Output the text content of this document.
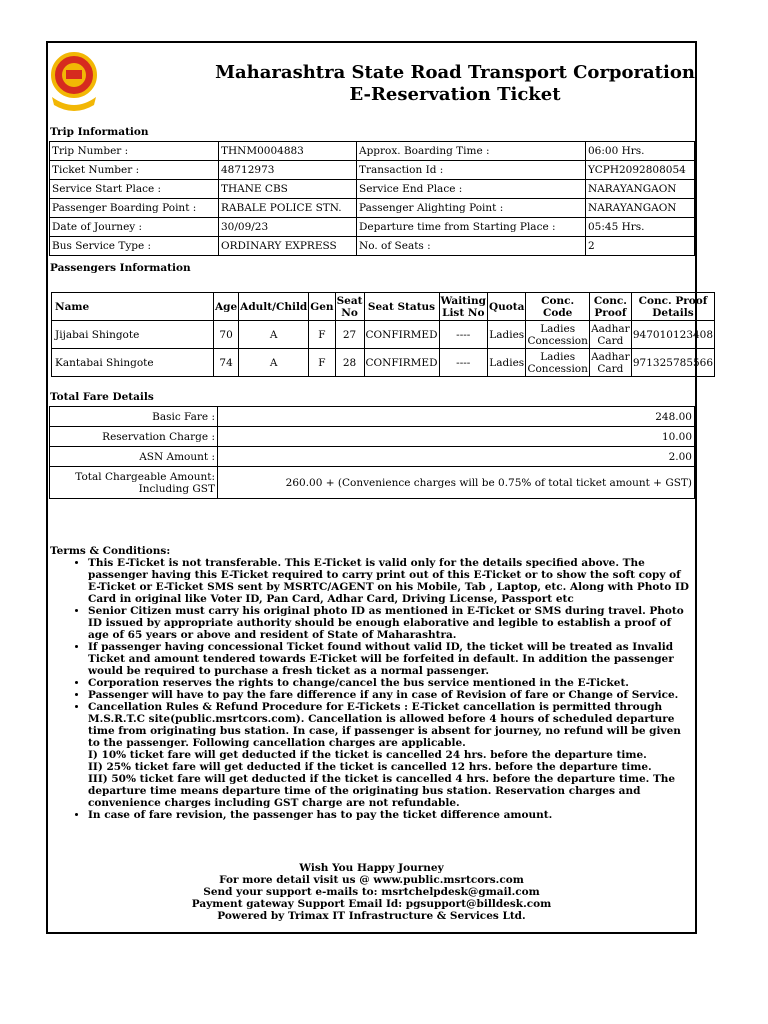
Maharashtra State Road Transport Corporation
E-Reservation Ticket
Trip Information
Trip Number :	THNM0004883	Approx. Boarding Time :	06:00 Hrs.
Ticket Number :	48712973	Transaction Id :	YCPH2092808054
Service Start Place :	THANE CBS	Service End Place :	NARAYANGAON
Passenger Boarding Point :	RABALE POLICE STN.	Passenger Alighting Point :	NARAYANGAON
Date of Journey :	30/09/23	Departure time from Starting Place :	05:45 Hrs.
Bus Service Type :	ORDINARY EXPRESS	No. of Seats :	2
Passengers Information
Name	Age	Adult/Child	Gen	Seat No	Seat Status	Waiting List No	Quota	Conc. Code	Conc. Proof	Conc. Proof Details
Jijabai Shingote	70	A	F	27	CONFIRMED	----	Ladies	Ladies Concession	Aadhar Card	947010123408
Kantabai Shingote	74	A	F	28	CONFIRMED	----	Ladies	Ladies Concession	Aadhar Card	971325785566
Total Fare Details
Basic Fare :	248.00
Reservation Charge :	10.00
ASN Amount :	2.00

Total Chargeable Amount:
Including GST	260.00 + (Convenience charges will be 0.75% of total ticket amount + GST)
Terms & Conditions:
• This E-Ticket is not transferable. This E-Ticket is valid only for the details specified above. The passenger having this E-Ticket required to carry print out of this E-Ticket or to show the soft copy of E-Ticket or E-Ticket SMS sent by MSRTC/AGENT on his Mobile, Tab , Laptop, etc. Along with Photo ID Card in original like Voter ID, Pan Card, Adhar Card, Driving License, Passport etc
• Senior Citizen must carry his original photo ID as mentioned in E-Ticket or SMS during travel. Photo ID issued by appropriate authority should be enough elaborative and legible to establish a proof of age of 65 years or above and resident of State of Maharashtra.
• If passenger having concessional Ticket found without valid ID, the ticket will be treated as Invalid Ticket and amount tendered towards E-Ticket will be forfeited in default. In addition the passenger would be required to purchase a fresh ticket as a normal passenger.
• Corporation reserves the rights to change/cancel the bus service mentioned in the E-Ticket.
• Passenger will have to pay the fare difference if any in case of Revision of fare or Change of Service.
• Cancellation Rules & Refund Procedure for E-Tickets : E-Ticket cancellation is permitted through M.S.R.T.C site(public.msrtcors.com). Cancellation is allowed before 4 hours of scheduled departure time from originating bus station. In case, if passenger is absent for journey, no refund will be given to the passenger. Following cancellation charges are applicable.
I) 10% ticket fare will get deducted if the ticket is cancelled 24 hrs. before the departure time.
II) 25% ticket fare will get deducted if the ticket is cancelled 12 hrs. before the departure time.
III) 50% ticket fare will get deducted if the ticket is cancelled 4 hrs. before the departure time. The departure time means departure time of the originating bus station. Reservation charges and convenience charges including GST charge are not refundable.
• In case of fare revision, the passenger has to pay the ticket difference amount.
Wish You Happy Journey
For more detail visit us @ www.public.msrtcors.com
Send your support e-mails to: msrtchelpdesk@gmail.com
Payment gateway Support Email Id: pgsupport@billdesk.com
Powered by Trimax IT Infrastructure & Services Ltd.
